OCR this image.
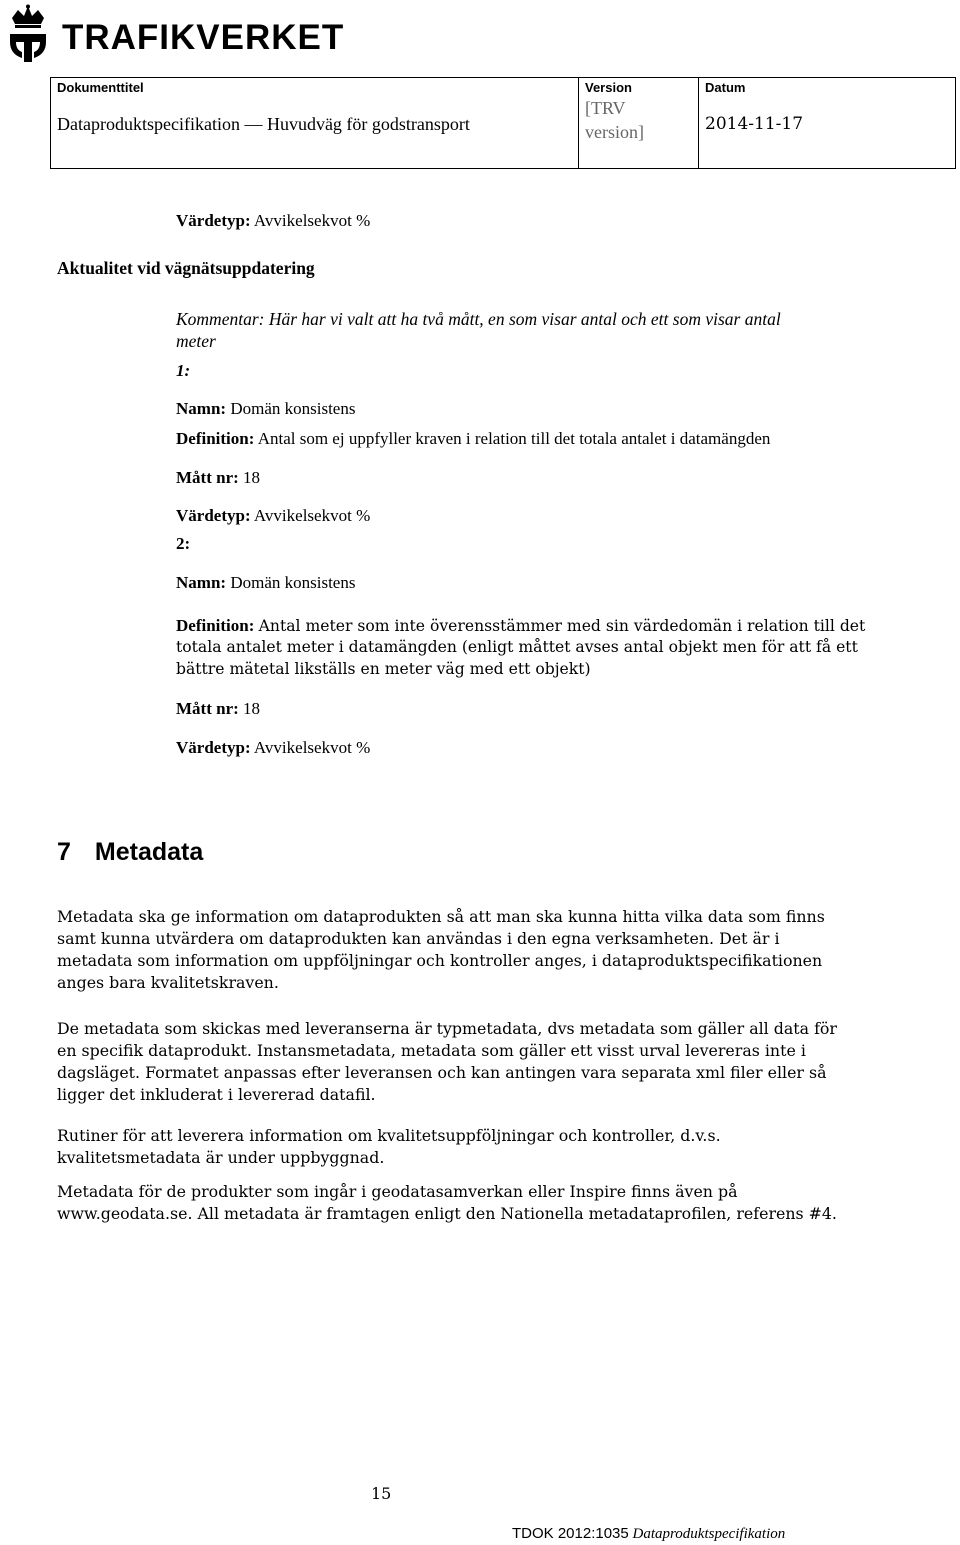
TRAFIKVERKET
Dokumenttitel
Dataproduktspecifikation — Huvudväg för godstransport
Version
[TRV
version]
Datum
2014-11-17
Värdetyp: Avvikelsekvot %
Aktualitet vid vägnätsuppdatering
Kommentar: Här har vi valt att ha två mått, en som visar antal och ett som visar antal
meter
1:
Namn: Domän konsistens
Definition: Antal som ej uppfyller kraven i relation till det totala antalet i datamängden
Mått nr: 18
Värdetyp: Avvikelsekvot %
2:
Namn: Domän konsistens
Definition: Antal meter som inte överensstämmer med sin värdedomän i relation till det
totala antalet meter i datamängden (enligt måttet avses antal objekt men för att få ett
bättre mätetal likställs en meter väg med ett objekt)
Mått nr: 18
Värdetyp: Avvikelsekvot %
7 Metadata
Metadata ska ge information om dataprodukten så att man ska kunna hitta vilka data som finns
samt kunna utvärdera om dataprodukten kan användas i den egna verksamheten. Det är i
metadata som information om uppföljningar och kontroller anges, i dataproduktspecifikationen
anges bara kvalitetskraven.
De metadata som skickas med leveranserna är typmetadata, dvs metadata som gäller all data för
en specifik dataprodukt. Instansmetadata, metadata som gäller ett visst urval levereras inte i
dagsläget. Formatet anpassas efter leveransen och kan antingen vara separata xml filer eller så
ligger det inkluderat i levererad datafil.
Rutiner för att leverera information om kvalitetsuppföljningar och kontroller, d.v.s.
kvalitetsmetadata är under uppbyggnad.
Metadata för de produkter som ingår i geodatasamverkan eller Inspire finns även på
www.geodata.se. All metadata är framtagen enligt den Nationella metadataprofilen, referens #4.
15
TDOK 2012:1035 Dataproduktspecifikation
